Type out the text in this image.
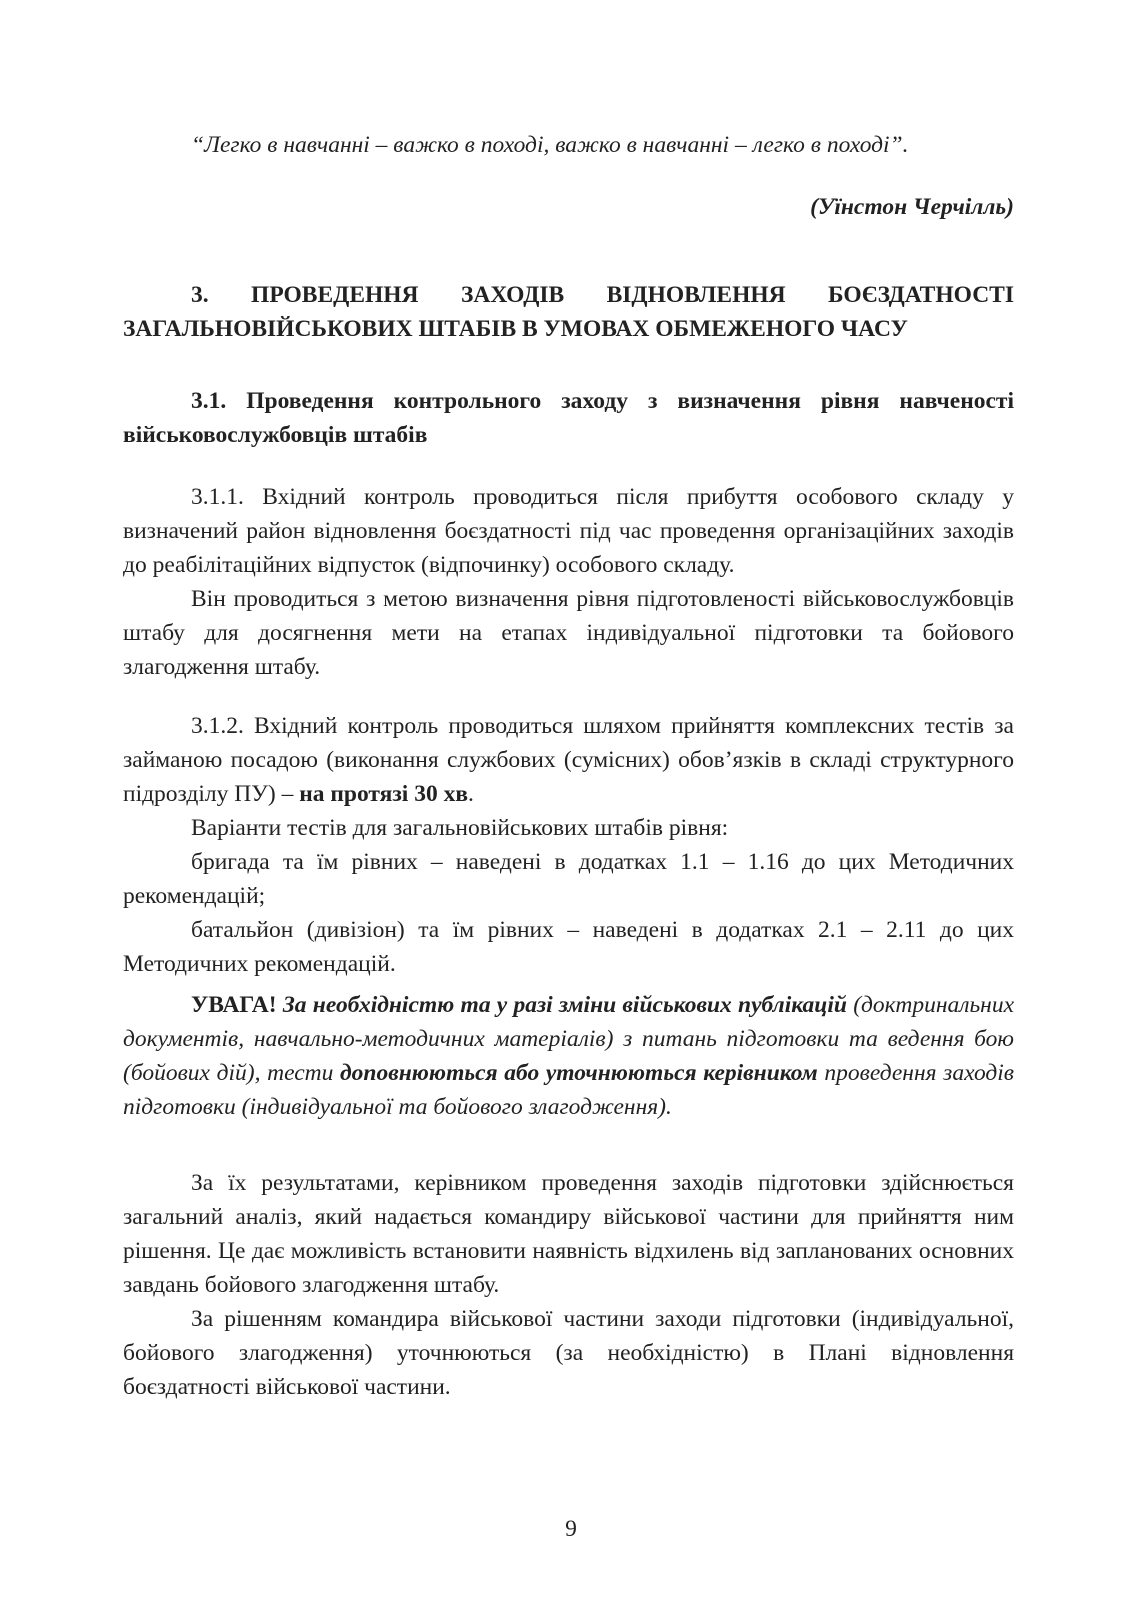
“Легко в навчанні – важко в поході, важко в навчанні – легко в поході”.
(Уїнстон Черчілль)
3. ПРОВЕДЕННЯ ЗАХОДІВ ВІДНОВЛЕННЯ БОЄЗДАТНОСТІ ЗАГАЛЬНОВІЙСЬКОВИХ ШТАБІВ В УМОВАХ ОБМЕЖЕНОГО ЧАСУ
3.1. Проведення контрольного заходу з визначення рівня навченості військовослужбовців штабів

3.1.1. Вхідний контроль проводиться після прибуття особового складу у визначений район відновлення боєздатності під час проведення організаційних заходів до реабілітаційних відпусток (відпочинку) особового складу.

Він проводиться з метою визначення рівня підготовленості військовослужбовців штабу для досягнення мети на етапах індивідуальної підготовки та бойового злагодження штабу.

3.1.2. Вхідний контроль проводиться шляхом прийняття комплексних тестів за займаною посадою (виконання службових (сумісних) обов’язків в складі структурного підрозділу ПУ) – на протязі 30 хв.

Варіанти тестів для загальновійськових штабів рівня:

бригада та їм рівних – наведені в додатках 1.1 – 1.16 до цих Методичних рекомендацій;

батальйон (дивізіон) та їм рівних – наведені в додатках 2.1 – 2.11 до цих Методичних рекомендацій.

УВАГА! За необхідністю та у разі зміни військових публікацій (доктринальних документів, навчально-методичних матеріалів) з питань підготовки та ведення бою (бойових дій), тести доповнюються або уточнюються керівником проведення заходів підготовки (індивідуальної та бойового злагодження).

За їх результатами, керівником проведення заходів підготовки здійснюється загальний аналіз, який надається командиру військової частини для прийняття ним рішення. Це дає можливість встановити наявність відхилень від запланованих основних завдань бойового злагодження штабу.

За рішенням командира військової частини заходи підготовки (індивідуальної, бойового злагодження) уточнюються (за необхідністю) в Плані відновлення боєздатності військової частини.

9
